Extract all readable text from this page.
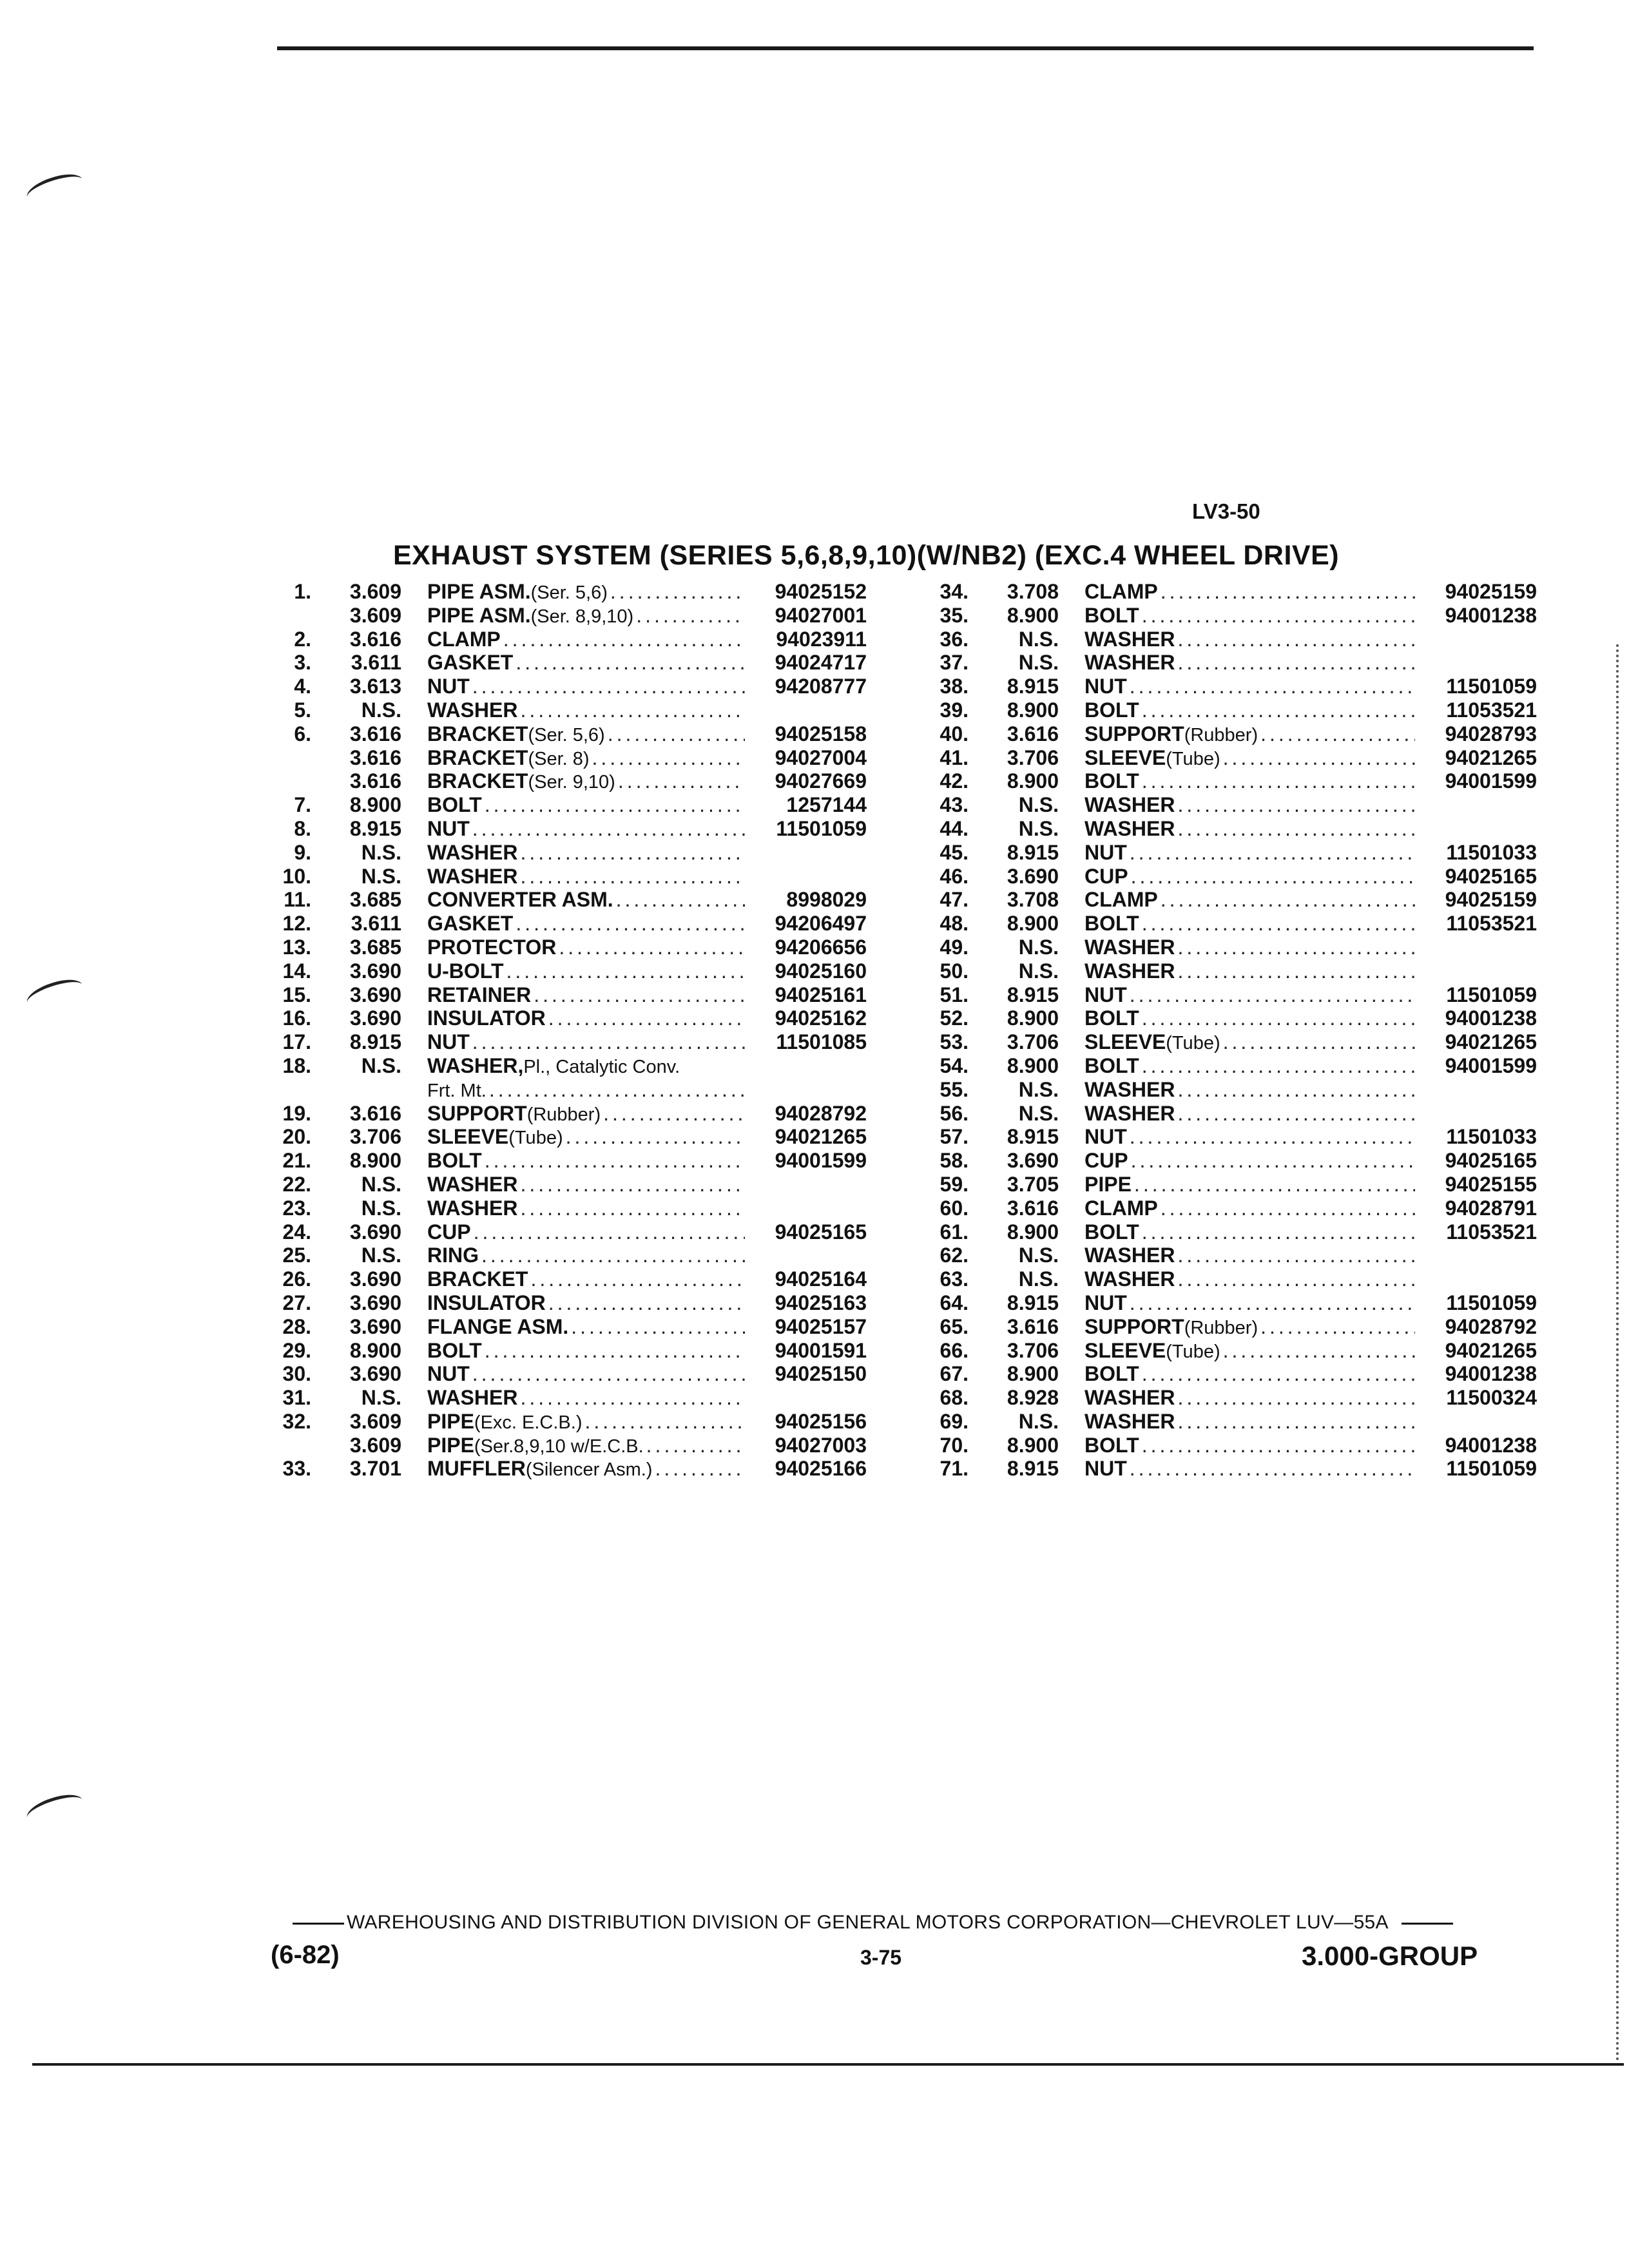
LV3-50
EXHAUST SYSTEM (SERIES 5,6,8,9,10)(W/NB2) (EXC.4 WHEEL DRIVE)
1.	3.609 PIPE ASM. (Ser. 5,6) .....	94025152
3.609 PIPE ASM. (Ser. 8,9,10) .....	94027001
2.	3.616 CLAMP .....	94023911
3.	3.611 GASKET .....	94024717
4.	3.613 NUT .....	94208777
5.	N.S. WASHER
.....
6.	3.616 BRACKET (Ser. 5,6) .....	94025158
3.616 BRACKET (Ser. 8) .....	94027004
3.616 BRACKET (Ser. 9,10) .....	94027669
7.	8.900 BOLT .....	1257144
8.	8.915 NUT .....	11501059
9.	N.S. WASHER
.....
10.	N.S. WASHER
.....
11.	3.685 CONVERTER ASM. .....	8998029
12.	3.611 GASKET .....	94206497
13.	3.685 PROTECTOR .....	94206656
14.	3.690 U-BOLT .....	94025160
15.	3.690 RETAINER .....	94025161
16.	3.690 INSULATOR .....	94025162
17.	8.915 NUT .....	11501085
18.	N.S. WASHER, Pl., Catalytic Conv.
Frt. Mt.
.....
19.	3.616 SUPPORT (Rubber) .....	94028792
20.	3.706 SLEEVE (Tube) .....	94021265
21.	8.900 BOLT .....	94001599
22.	N.S. WASHER
.....
23.	N.S. WASHER
.....
24.	3.690 CUP .....	94025165
25.	N.S. RING
.....
26.	3.690 BRACKET .....	94025164
27.	3.690 INSULATOR .....	94025163
28.	3.690 FLANGE ASM. .....	94025157
29.	8.900 BOLT .....	94001591
30.	3.690 NUT .....	94025150
31.	N.S. WASHER
.....
32.	3.609 PIPE (Exc. E.C.B.) .....	94025156
3.609 PIPE (Ser.8,9,10 w/E.C.B. .....	94027003
33.	3.701 MUFFLER (Silencer Asm.) .....	94025166
34.	3.708 CLAMP .....	94025159
35.	8.900 BOLT .....	94001238
36.	N.S. WASHER
.....
37.	N.S. WASHER
.....
38.	8.915 NUT .....	11501059
39.	8.900 BOLT .....	11053521
40.	3.616 SUPPORT (Rubber) .....	94028793
41.	3.706 SLEEVE (Tube) .....	94021265
42.	8.900 BOLT .....	94001599
43.	N.S. WASHER
.....
44.	N.S. WASHER
.....
45.	8.915 NUT .....	11501033
46.	3.690 CUP .....	94025165
47.	3.708 CLAMP .....	94025159
48.	8.900 BOLT .....	11053521
49.	N.S. WASHER
.....
50.	N.S. WASHER
.....
51.	8.915 NUT .....	11501059
52.	8.900 BOLT .....	94001238
53.	3.706 SLEEVE (Tube) .....	94021265
54.	8.900 BOLT .....	94001599
55.	N.S. WASHER
.....
56.	N.S. WASHER
.....
57.	8.915 NUT .....	11501033
58.	3.690 CUP .....	94025165
59.	3.705 PIPE .....	94025155
60.	3.616 CLAMP .....	94028791
61.	8.900 BOLT .....	11053521
62.	N.S. WASHER
.....
63.	N.S. WASHER
.....
64.	8.915 NUT .....	11501059
65.	3.616 SUPPORT (Rubber) .....	94028792
66.	3.706 SLEEVE (Tube) .....	94021265
67.	8.900 BOLT .....	94001238
68.	8.928 WASHER .....	11500324
69.	N.S. WASHER
.....
70.	8.900 BOLT .....	94001238
71.	8.915 NUT .....	11501059
WAREHOUSING AND DISTRIBUTION DIVISION OF GENERAL MOTORS CORPORATION—CHEVROLET LUV—55A
(6-82)	3-75	3.000-GROUP
